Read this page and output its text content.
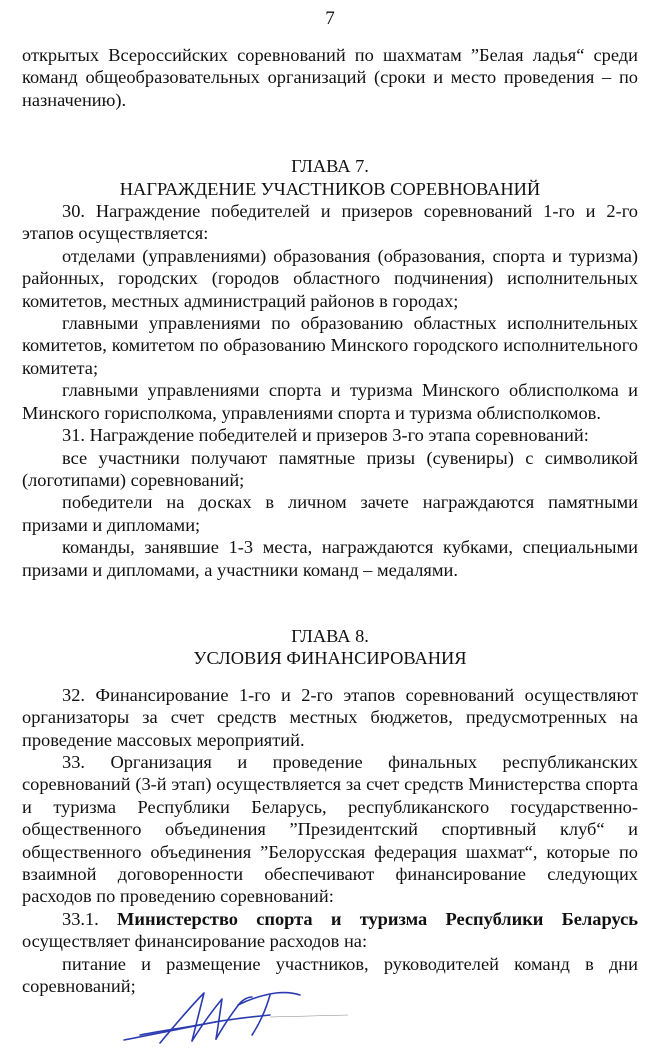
7

открытых Всероссийских соревнований по шахматам ”Белая ладья“ среди команд общеобразовательных организаций (сроки и место проведения – по назначению).

ГЛАВА 7.

НАГРАЖДЕНИЕ УЧАСТНИКОВ СОРЕВНОВАНИЙ

30. Награждение победителей и призеров соревнований 1-го и 2-го этапов осуществляется:

отделами (управлениями) образования (образования, спорта и туризма) районных, городских (городов областного подчинения) исполнительных комитетов, местных администраций районов в городах;

главными управлениями по образованию областных исполнительных комитетов, комитетом по образованию Минского городского исполнительного комитета;

главными управлениями спорта и туризма Минского облисполкома и Минского горисполкома, управлениями спорта и туризма облисполкомов.

31. Награждение победителей и призеров 3-го этапа соревнований:

все участники получают памятные призы (сувениры) с символикой (логотипами) соревнований;

победители на досках в личном зачете награждаются памятными призами и дипломами;

команды, занявшие 1-3 места, награждаются кубками, специальными призами и дипломами, а участники команд – медалями.

ГЛАВА 8.

УСЛОВИЯ ФИНАНСИРОВАНИЯ

32. Финансирование 1-го и 2-го этапов соревнований осуществляют организаторы за счет средств местных бюджетов, предусмотренных на проведение массовых мероприятий.

33. Организация и проведение финальных республиканских соревнований (3-й этап) осуществляется за счет средств Министерства спорта и туризма Республики Беларусь, республиканского государственно-общественного объединения ”Президентский спортивный клуб“ и общественного объединения ”Белорусская федерация шахмат“, которые по взаимной договоренности обеспечивают финансирование следующих расходов по проведению соревнований:

33.1. Министерство спорта и туризма Республики Беларусь осуществляет финансирование расходов на:

питание и размещение участников, руководителей команд в дни соревнований;
